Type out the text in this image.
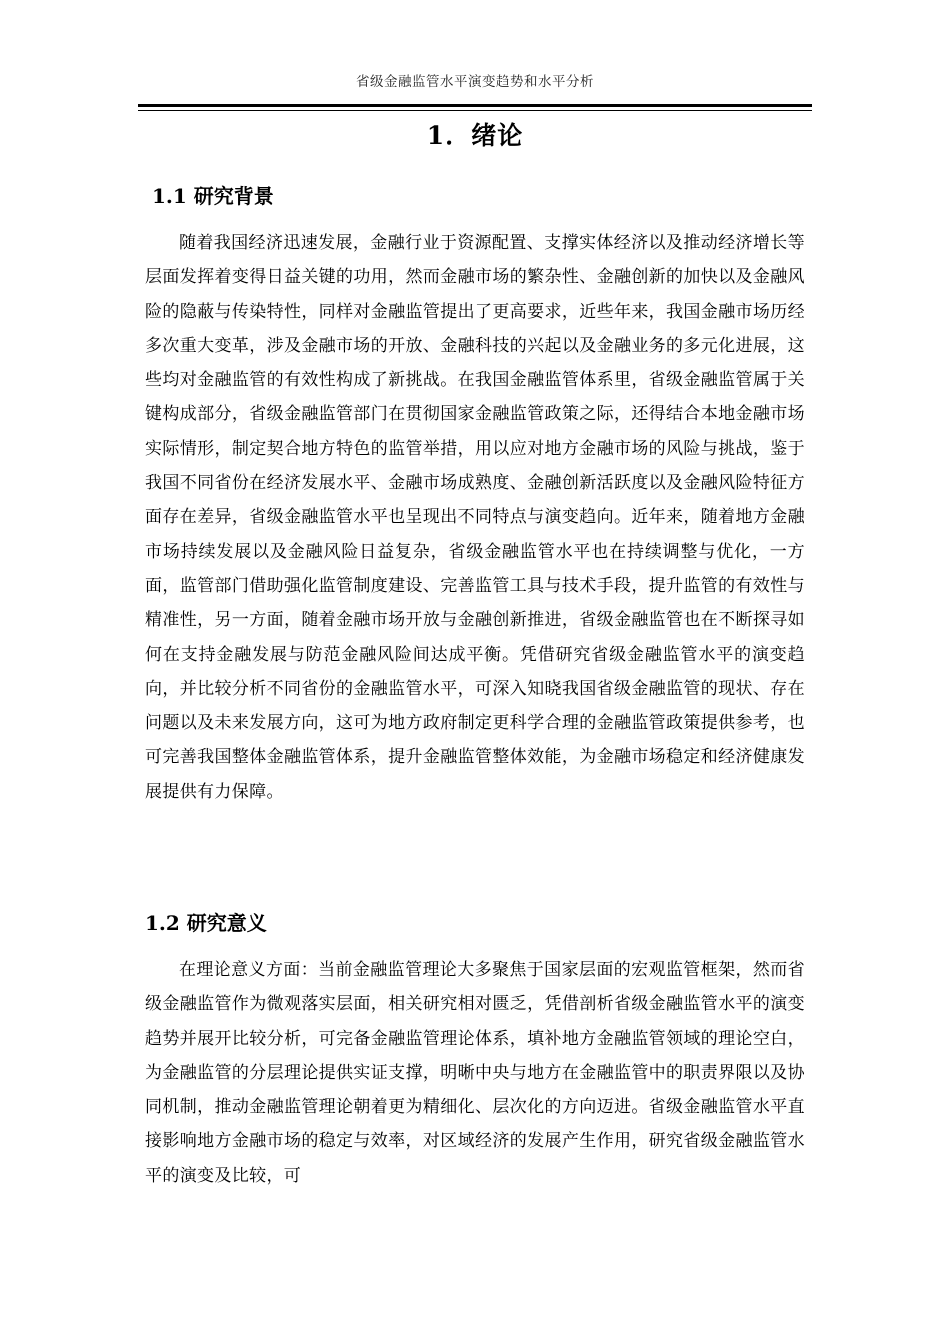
省级金融监管水平演变趋势和水平分析
1．绪论
1.1 研究背景

随着我国经济迅速发展，金融行业于资源配置、支撑实体经济以及推动经济增长等层面发挥着变得日益关键的功用，然而金融市场的繁杂性、金融创新的加快以及金融风险的隐蔽与传染特性，同样对金融监管提出了更高要求，近些年来，我国金融市场历经多次重大变革，涉及金融市场的开放、金融科技的兴起以及金融业务的多元化进展，这些均对金融监管的有效性构成了新挑战。在我国金融监管体系里，省级金融监管属于关键构成部分，省级金融监管部门在贯彻国家金融监管政策之际，还得结合本地金融市场实际情形，制定契合地方特色的监管举措，用以应对地方金融市场的风险与挑战，鉴于我国不同省份在经济发展水平、金融市场成熟度、金融创新活跃度以及金融风险特征方面存在差异，省级金融监管水平也呈现出不同特点与演变趋向。近年来，随着地方金融市场持续发展以及金融风险日益复杂，省级金融监管水平也在持续调整与优化，一方面，监管部门借助强化监管制度建设、完善监管工具与技术手段，提升监管的有效性与精准性，另一方面，随着金融市场开放与金融创新推进，省级金融监管也在不断探寻如何在支持金融发展与防范金融风险间达成平衡。凭借研究省级金融监管水平的演变趋向，并比较分析不同省份的金融监管水平，可深入知晓我国省级金融监管的现状、存在问题以及未来发展方向，这可为地方政府制定更科学合理的金融监管政策提供参考，也可完善我国整体金融监管体系，提升金融监管整体效能，为金融市场稳定和经济健康发展提供有力保障。

1.2 研究意义

在理论意义方面：当前金融监管理论大多聚焦于国家层面的宏观监管框架，然而省级金融监管作为微观落实层面，相关研究相对匮乏，凭借剖析省级金融监管水平的演变趋势并展开比较分析，可完备金融监管理论体系，填补地方金融监管领域的理论空白，为金融监管的分层理论提供实证支撑，明晰中央与地方在金融监管中的职责界限以及协同机制，推动金融监管理论朝着更为精细化、层次化的方向迈进。省级金融监管水平直接影响地方金融市场的稳定与效率，对区域经济的发展产生作用，研究省级金融监管水平的演变及比较，可
